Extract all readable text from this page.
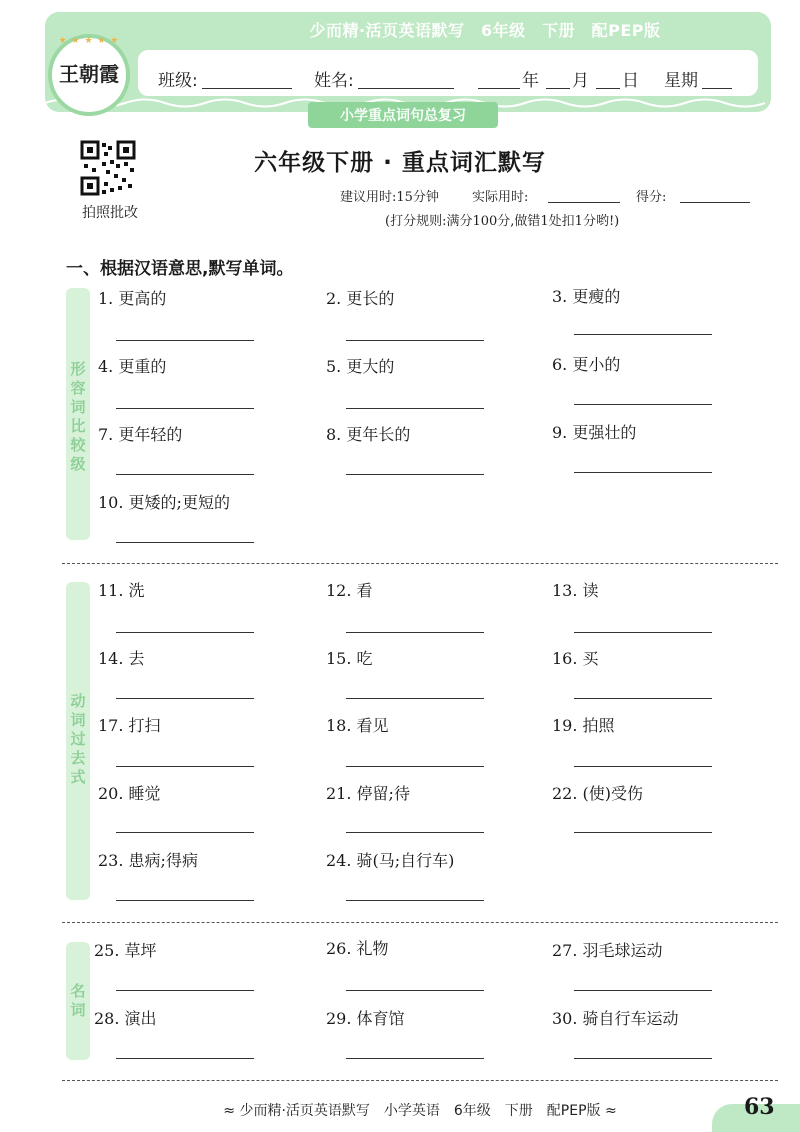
少而精·活页英语默写　6年级　下册　配PEP版
班级:	姓名:	年 月 日 星期
小学重点词句总复习
★ ★ ★ ★ ★
王朝霞
拍照批改
六年级下册 · 重点词汇默写
建议用时:15分钟	实际用时:	得分:
(打分规则:满分100分,做错1处扣1分哟!)
一、根据汉语意思,默写单词。
形
容
词
比
较
级
动
词
过
去
式
名
词
1. 更高的	2. 更长的	3. 更瘦的
4. 更重的	5. 更大的	6. 更小的
7. 更年轻的	8. 更年长的	9. 更强壮的
10. 更矮的;更短的
11. 洗	12. 看	13. 读
14. 去	15. 吃	16. 买
17. 打扫	18. 看见	19. 拍照
20. 睡觉	21. 停留;待	22. (使)受伤
23. 患病;得病	24. 骑(马;自行车)
25. 草坪	26. 礼物	27. 羽毛球运动
28. 演出	29. 体育馆	30. 骑自行车运动
≈ 少而精·活页英语默写　小学英语　6年级　下册　配PEP版 ≈	63
